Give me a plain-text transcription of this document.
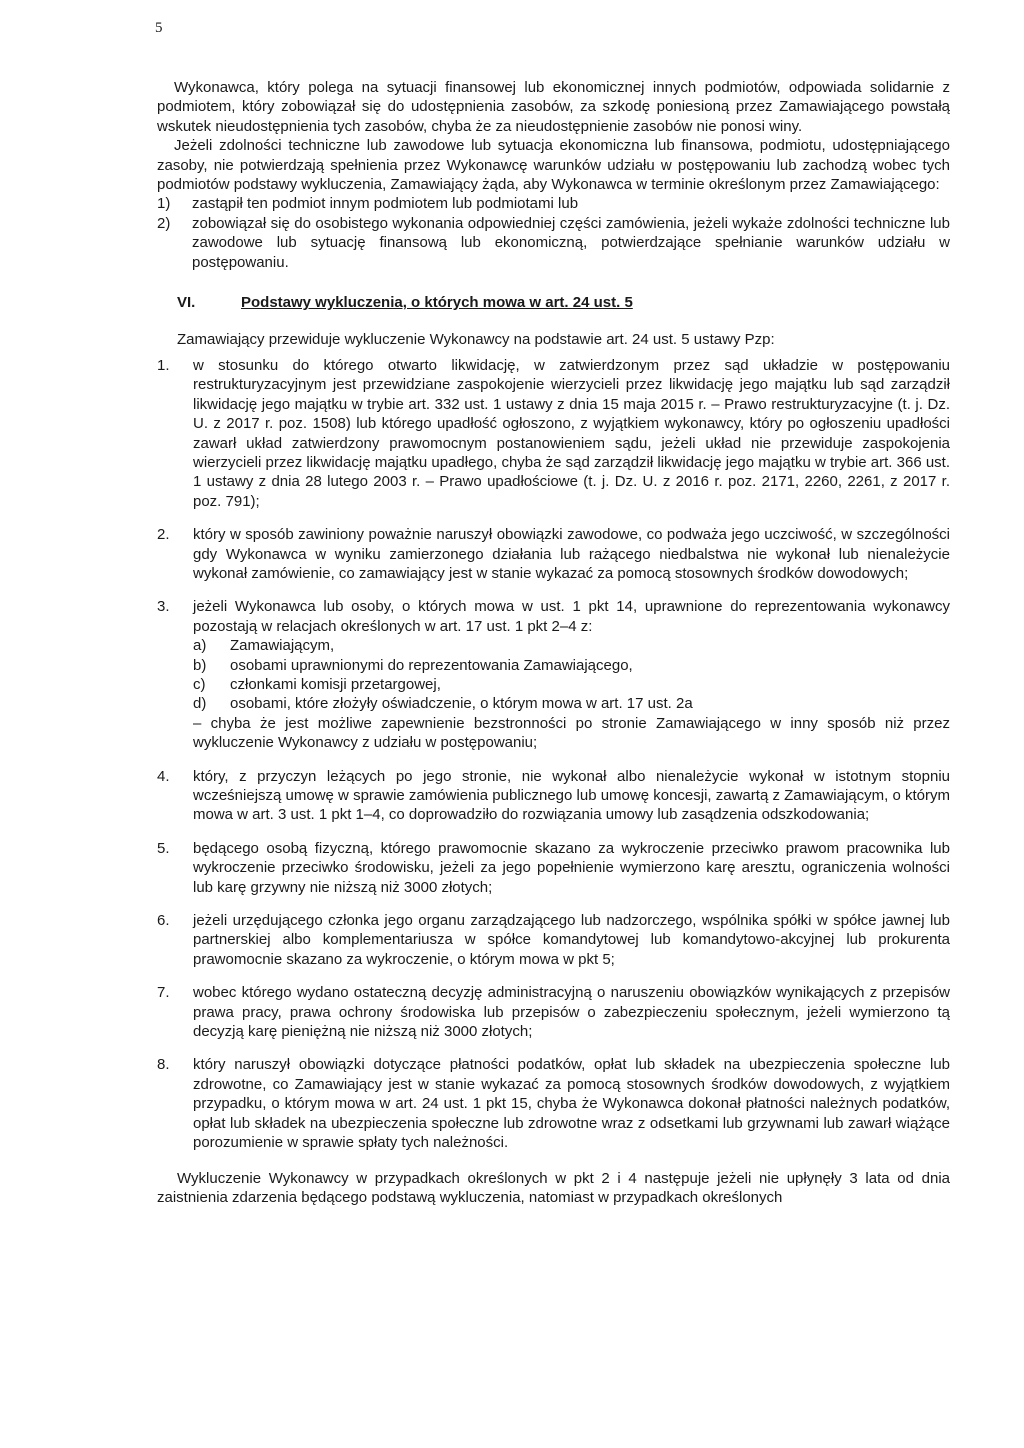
5

Wykonawca, który polega na sytuacji finansowej lub ekonomicznej innych podmiotów, odpowiada solidarnie z podmiotem, który zobowiązał się do udostępnienia zasobów, za szkodę poniesioną przez Zamawiającego powstałą wskutek nieudostępnienia tych zasobów, chyba że za nieudostępnienie zasobów nie ponosi winy.

Jeżeli zdolności techniczne lub zawodowe lub sytuacja ekonomiczna lub finansowa, podmiotu, udostępniającego zasoby, nie potwierdzają spełnienia przez Wykonawcę warunków udziału w postępowaniu lub zachodzą wobec tych podmiotów podstawy wykluczenia, Zamawiający żąda, aby Wykonawca w terminie określonym przez Zamawiającego:

1)	zastąpił ten podmiot innym podmiotem lub podmiotami lub
2)	zobowiązał się do osobistego wykonania odpowiedniej części zamówienia, jeżeli wykaże zdolności techniczne lub zawodowe lub sytuację finansową lub ekonomiczną, potwierdzające spełnianie warunków udziału w postępowaniu.
VI.	Podstawy wykluczenia, o których mowa w art. 24 ust. 5
Zamawiający przewiduje wykluczenie Wykonawcy na podstawie art. 24 ust. 5 ustawy Pzp:
1. w stosunku do którego otwarto likwidację, w zatwierdzonym przez sąd układzie w postępowaniu restrukturyzacyjnym jest przewidziane zaspokojenie wierzycieli przez likwidację jego majątku lub sąd zarządził likwidację jego majątku w trybie art. 332 ust. 1 ustawy z dnia 15 maja 2015 r. – Prawo restrukturyzacyjne (t. j. Dz. U. z 2017 r. poz. 1508) lub którego upadłość ogłoszono, z wyjątkiem wykonawcy, który po ogłoszeniu upadłości zawarł układ zatwierdzony prawomocnym postanowieniem sądu, jeżeli układ nie przewiduje zaspokojenia wierzycieli przez likwidację majątku upadłego, chyba że sąd zarządził likwidację jego majątku w trybie art. 366 ust. 1 ustawy z dnia 28 lutego 2003 r. – Prawo upadłościowe (t. j. Dz. U. z 2016 r. poz. 2171, 2260, 2261, z 2017 r. poz. 791);
2. który w sposób zawiniony poważnie naruszył obowiązki zawodowe, co podważa jego uczciwość, w szczególności gdy Wykonawca w wyniku zamierzonego działania lub rażącego niedbalstwa nie wykonał lub nienależycie wykonał zamówienie, co zamawiający jest w stanie wykazać za pomocą stosownych środków dowodowych;
3. jeżeli Wykonawca lub osoby, o których mowa w ust. 1 pkt 14, uprawnione do reprezentowania wykonawcy pozostają w relacjach określonych w art. 17 ust. 1 pkt 2–4 z:
a) Zamawiającym,
b) osobami uprawnionymi do reprezentowania Zamawiającego,
c) członkami komisji przetargowej,
d) osobami, które złożyły oświadczenie, o którym mowa w art. 17 ust. 2a
– chyba że jest możliwe zapewnienie bezstronności po stronie Zamawiającego w inny sposób niż przez wykluczenie Wykonawcy z udziału w postępowaniu;
4. który, z przyczyn leżących po jego stronie, nie wykonał albo nienależycie wykonał w istotnym stopniu wcześniejszą umowę w sprawie zamówienia publicznego lub umowę koncesji, zawartą z Zamawiającym, o którym mowa w art. 3 ust. 1 pkt 1–4, co doprowadziło do rozwiązania umowy lub zasądzenia odszkodowania;
5. będącego osobą fizyczną, którego prawomocnie skazano za wykroczenie przeciwko prawom pracownika lub wykroczenie przeciwko środowisku, jeżeli za jego popełnienie wymierzono karę aresztu, ograniczenia wolności lub karę grzywny nie niższą niż 3000 złotych;
6. jeżeli urzędującego członka jego organu zarządzającego lub nadzorczego, wspólnika spółki w spółce jawnej lub partnerskiej albo komplementariusza w spółce komandytowej lub komandytowo-akcyjnej lub prokurenta prawomocnie skazano za wykroczenie, o którym mowa w pkt 5;
7. wobec którego wydano ostateczną decyzję administracyjną o naruszeniu obowiązków wynikających z przepisów prawa pracy, prawa ochrony środowiska lub przepisów o zabezpieczeniu społecznym, jeżeli wymierzono tą decyzją karę pieniężną nie niższą niż 3000 złotych;
8. który naruszył obowiązki dotyczące płatności podatków, opłat lub składek na ubezpieczenia społeczne lub zdrowotne, co Zamawiający jest w stanie wykazać za pomocą stosownych środków dowodowych, z wyjątkiem przypadku, o którym mowa w art. 24 ust. 1 pkt 15, chyba że Wykonawca dokonał płatności należnych podatków, opłat lub składek na ubezpieczenia społeczne lub zdrowotne wraz z odsetkami lub grzywnami lub zawarł wiążące porozumienie w sprawie spłaty tych należności.

Wykluczenie Wykonawcy w przypadkach określonych w pkt 2 i 4 następuje jeżeli nie upłynęły 3 lata od dnia zaistnienia zdarzenia będącego podstawą wykluczenia, natomiast w przypadkach określonych
